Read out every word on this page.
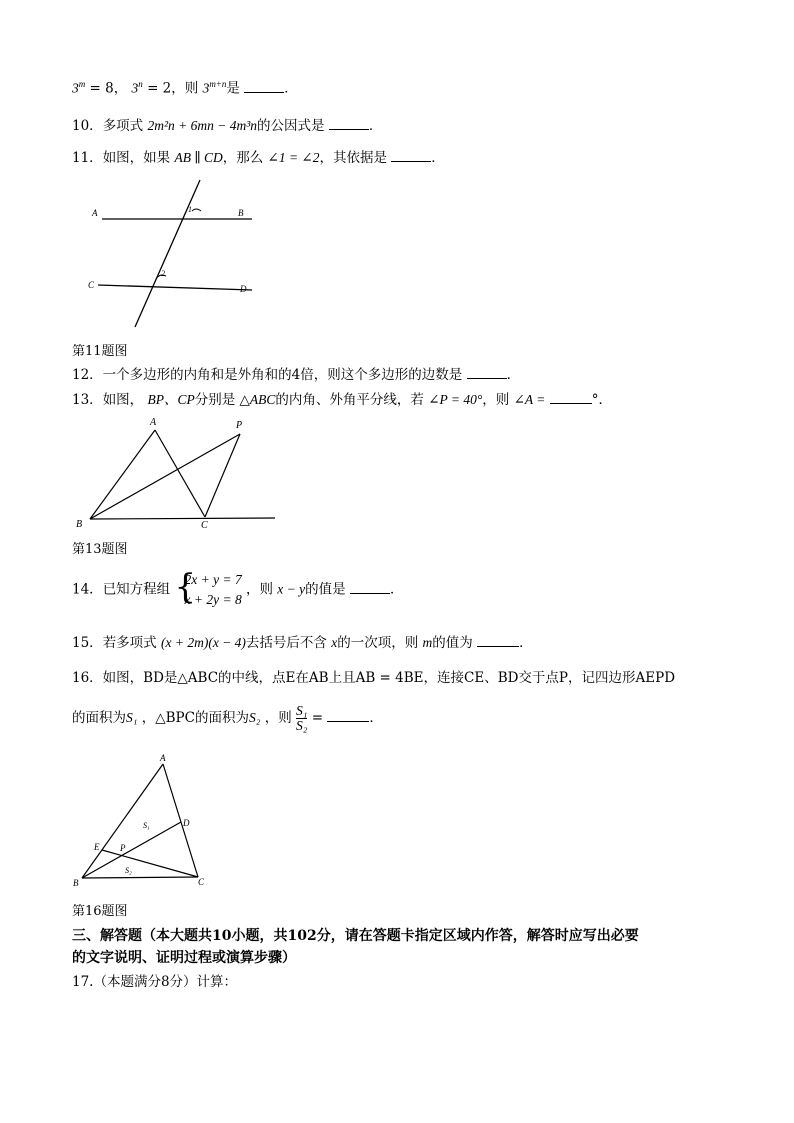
$3^m = 8$， $3^n = 2$，则 $3^{m+n}$是	．
10．多项式 2m²n + 6mn − 4m³n的公因式是	．
11．如图，如果 AB ∥ CD，那么 ∠1 = ∠2，其依据是	．
A	B
C	D
1
2
第11题图
12．一个多边形的内角和是外角和的4倍，则这个多边形的边数是	．
13．如图， BP、CP分别是 △ABC的内角、外角平分线，若 ∠P = 40°，则 ∠A =	°．
A	P
B	C
第13题图
14．已知方程组 {
2x + y = 7
x + 2y = 8
，则 x − y的值是	．
15．若多项式 (x + 2m)(x − 4)去括号后不含 x的一次项，则 m的值为	．
16．如图，BD是△ABC的中线，点E在AB上且AB = 4BE，连接CE、BD交于点P，记四边形AEPD
的面积为S₁ ，△BPC的面积为S₂ ，则 $\frac{\text{S₁}}{\text{S₂}}$ =	．
A
D
E P
B	C
S₁
S₂
第16题图
三、解答题（本大题共10小题，共102分，请在答题卡指定区域内作答，解答时应写出必要
的文字说明、证明过程或演算步骤）
17.（本题满分8分）计算：
